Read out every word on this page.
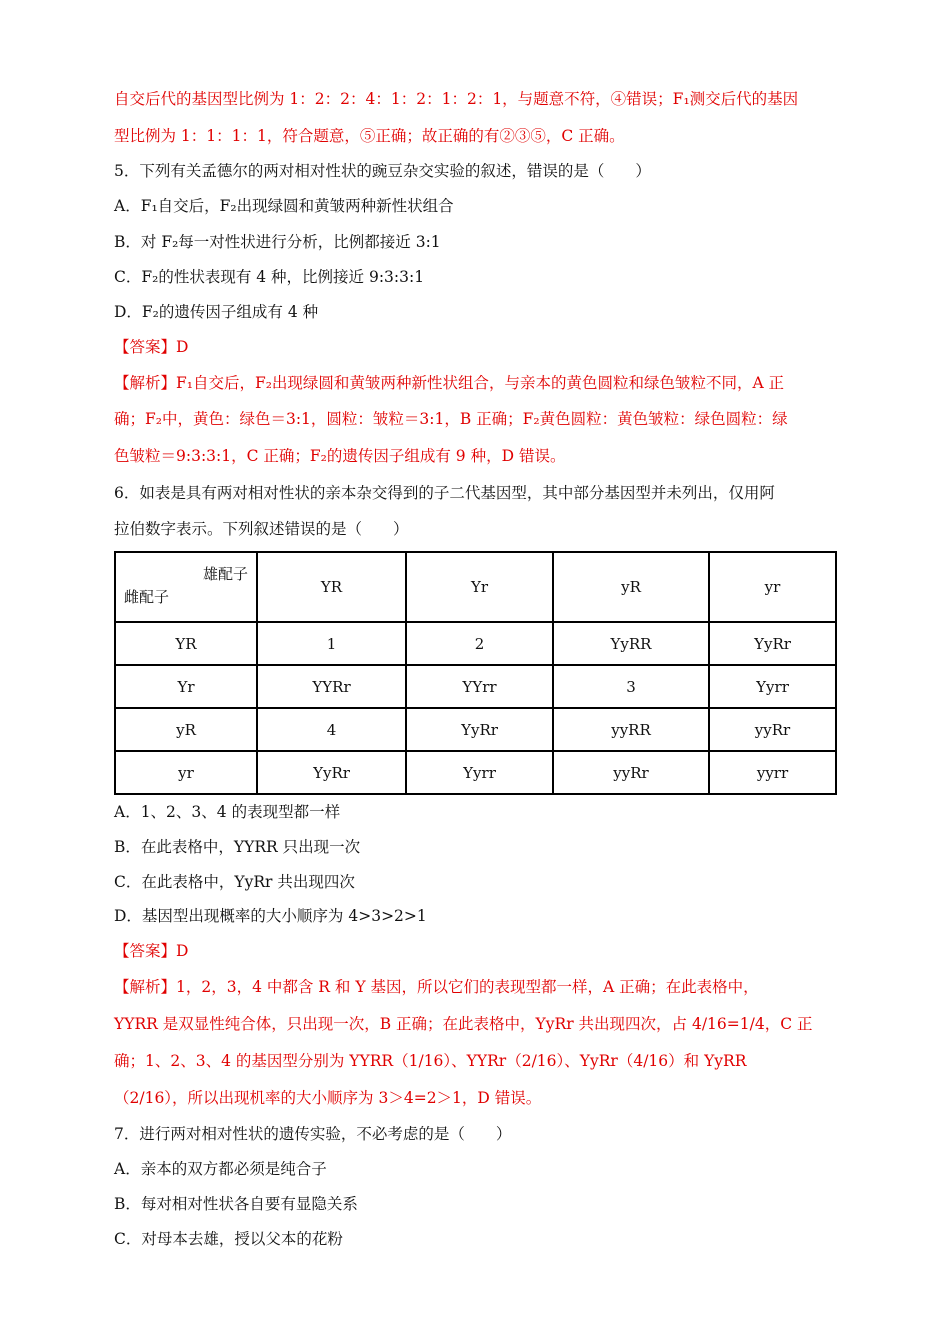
自交后代的基因型比例为 1：2：2：4：1：2：1：2：1，与题意不符，④错误；F₁测交后代的基因
型比例为 1：1：1：1，符合题意，⑤正确；故正确的有②③⑤，C 正确。
5．下列有关孟德尔的两对相对性状的豌豆杂交实验的叙述，错误的是（　　）
A．F₁自交后，F₂出现绿圆和黄皱两种新性状组合
B．对 F₂每一对性状进行分析，比例都接近 3:1
C．F₂的性状表现有 4 种，比例接近 9:3:3:1
D．F₂的遗传因子组成有 4 种
【答案】D
【解析】F₁自交后，F₂出现绿圆和黄皱两种新性状组合，与亲本的黄色圆粒和绿色皱粒不同，A 正
确；F₂中，黄色：绿色＝3:1，圆粒：皱粒＝3:1，B 正确；F₂黄色圆粒：黄色皱粒：绿色圆粒：绿
色皱粒＝9:3:3:1，C 正确；F₂的遗传因子组成有 9 种，D 错误。
6．如表是具有两对相对性状的亲本杂交得到的子二代基因型，其中部分基因型并未列出，仅用阿
拉伯数字表示。下列叙述错误的是（　　）
雄配子
雌配子	YR	Yr	yR	yr
YR	1	2	YyRR	YyRr
Yr	YYRr	YYrr	3	Yyrr
yR	4	YyRr	yyRR	yyRr
yr	YyRr	Yyrr	yyRr	yyrr
A．1、2、3、4 的表现型都一样
B．在此表格中，YYRR 只出现一次
C．在此表格中，YyRr 共出现四次
D．基因型出现概率的大小顺序为 4>3>2>1
【答案】D
【解析】1，2，3，4 中都含 R 和 Y 基因，所以它们的表现型都一样，A 正确；在此表格中，
YYRR 是双显性纯合体，只出现一次，B 正确；在此表格中，YyRr 共出现四次，占 4/16=1/4，C 正
确；1、2、3、4 的基因型分别为 YYRR（1/16）、YYRr（2/16）、YyRr（4/16）和 YyRR
（2/16），所以出现机率的大小顺序为 3＞4=2＞1，D 错误。
7．进行两对相对性状的遗传实验，不必考虑的是（　　）
A．亲本的双方都必须是纯合子
B．每对相对性状各自要有显隐关系
C．对母本去雄，授以父本的花粉
